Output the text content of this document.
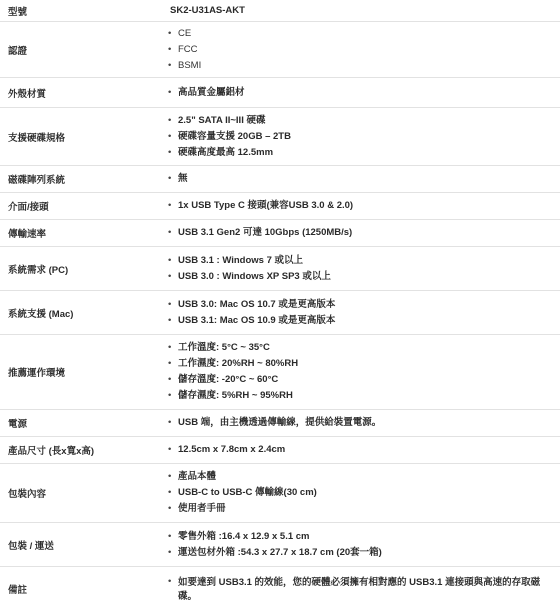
型號	SK2-U31AS-AKT
認證
• CE
• FCC
• BSMI
外殼材質	• 高品質金屬鋁材
支援硬碟規格
• 2.5" SATA II~III 硬碟
• 硬碟容量支援 20GB – 2TB
• 硬碟高度最高 12.5mm
磁碟陣列系統	• 無
介面/接頭	• 1x USB Type C 接頭(兼容USB 3.0 & 2.0)
傳輸速率	• USB 3.1 Gen2 可達 10Gbps (1250MB/s)
系統需求 (PC)
• USB 3.1 : Windows 7 或以上
• USB 3.0 : Windows XP SP3 或以上
系統支援 (Mac)
• USB 3.0: Mac OS 10.7 或是更高版本
• USB 3.1: Mac OS 10.9 或是更高版本
推薦運作環境
• 工作溫度: 5°C ~ 35°C
• 工作濕度: 20%RH ~ 80%RH
• 儲存溫度: -20°C ~ 60°C
• 儲存濕度: 5%RH ~ 95%RH
電源	• USB 端，由主機透過傳輸線，提供給裝置電源。
產品尺寸 (長x寬x高)	• 12.5cm x 7.8cm x 2.4cm
包裝內容
• 產品本體
• USB-C to USB-C 傳輸線(30 cm)
• 使用者手冊
包裝 / 運送
• 零售外箱 :16.4 x 12.9 x 5.1 cm
• 運送包材外箱 :54.3 x 27.7 x 18.7 cm (20套一箱)
備註
• 如要達到 USB3.1 的效能，您的硬體必須擁有相對應的 USB3.1 連接頭與高速的存取磁碟。
